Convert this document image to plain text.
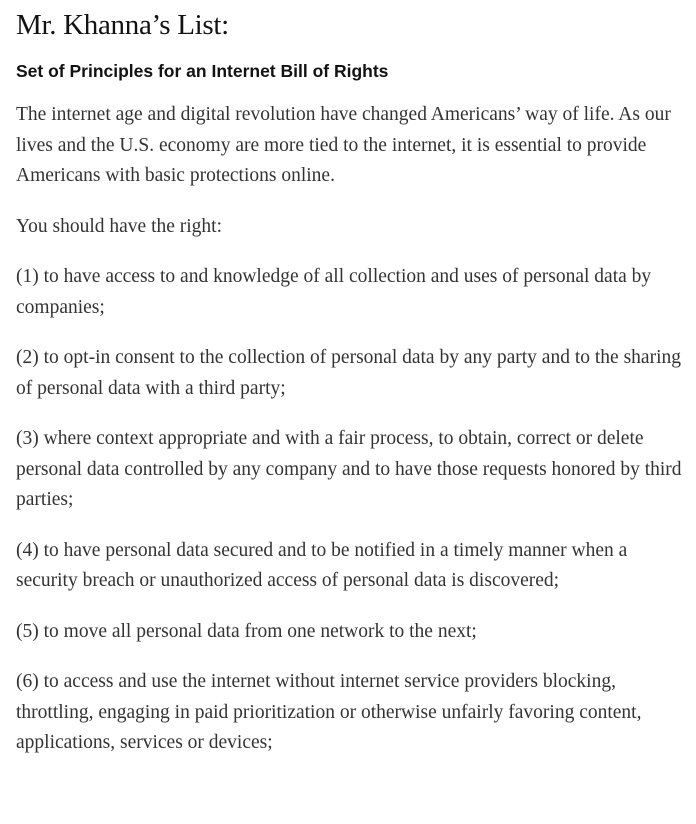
Mr. Khanna’s List:
Set of Principles for an Internet Bill of Rights

The internet age and digital revolution have changed Americans’ way of life. As our lives and the U.S. economy are more tied to the internet, it is essential to provide Americans with basic protections online.

You should have the right:

(1) to have access to and knowledge of all collection and uses of personal data by companies;

(2) to opt-in consent to the collection of personal data by any party and to the sharing of personal data with a third party;

(3) where context appropriate and with a fair process, to obtain, correct or delete personal data controlled by any company and to have those requests honored by third parties;

(4) to have personal data secured and to be notified in a timely manner when a security breach or unauthorized access of personal data is discovered;

(5) to move all personal data from one network to the next;

(6) to access and use the internet without internet service providers blocking, throttling, engaging in paid prioritization or otherwise unfairly favoring content, applications, services or devices;
